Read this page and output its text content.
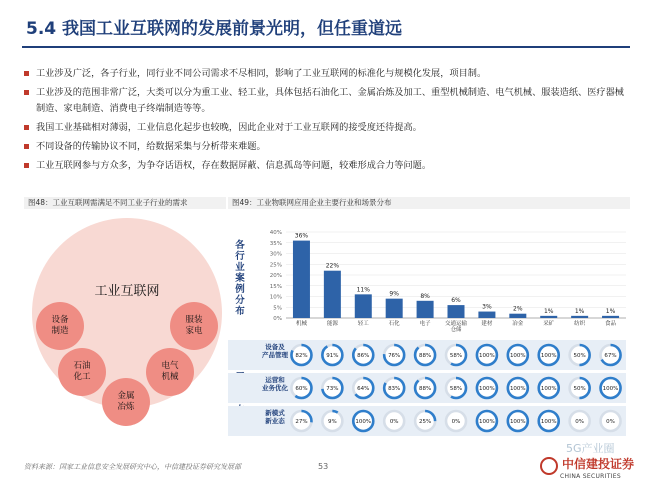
5.4 我国工业互联网的发展前景光明，但任重道远
工业涉及广泛，各子行业，同行业不同公司需求不尽相同，影响了工业互联网的标准化与规模化发展，项目制。
工业涉及的范围非常广泛，大类可以分为重工业、轻工业，具体包括石油化工、金属冶炼及加工、重型机械制造、电气机械、服装造纸、医疗器械制造、家电制造、消费电子终端制造等等。
我国工业基础相对薄弱，工业信息化起步也较晚，因此企业对于工业互联网的接受度还待提高。
不同设备的传输协议不同，给数据采集与分析带来难题。
工业互联网参与方众多，为争夺话语权，存在数据屏蔽、信息孤岛等问题，较难形成合力等问题。
图48：工业互联网需满足不同工业子行业的需求	图49：工业物联网应用企业主要行业和场景分布
工业互联网
设备
制造
服装
家电
石油
化工
电气
机械
金属
冶炼
各行业案例分布
设备及
产品管理
运营和
业务优化
新模式
新业态
0%
5%
10%
15%
20%
25%
30%
35%
40% 36%
机械
22%
能源
11%
轻工
9%
石化
8%
电子
6%
交通运输
仓储
3%
建材
2%
冶金
1%
采矿
1%
纺织
1%
食品
82%	91%	86%	76%	88%	58%	100%	100%	100%	50%	67%
60%	73%	64%	83%	88%	58%	100%	100%	100%	50%	100%
27%	9%	100%	0%	25%	0%	100%	100%	100%	0%	0%
资料来源：国家工业信息安全发展研究中心，中信建投证券研究发展部	53
5G产业圈
中信建投证券
CHINA SECURITIES
